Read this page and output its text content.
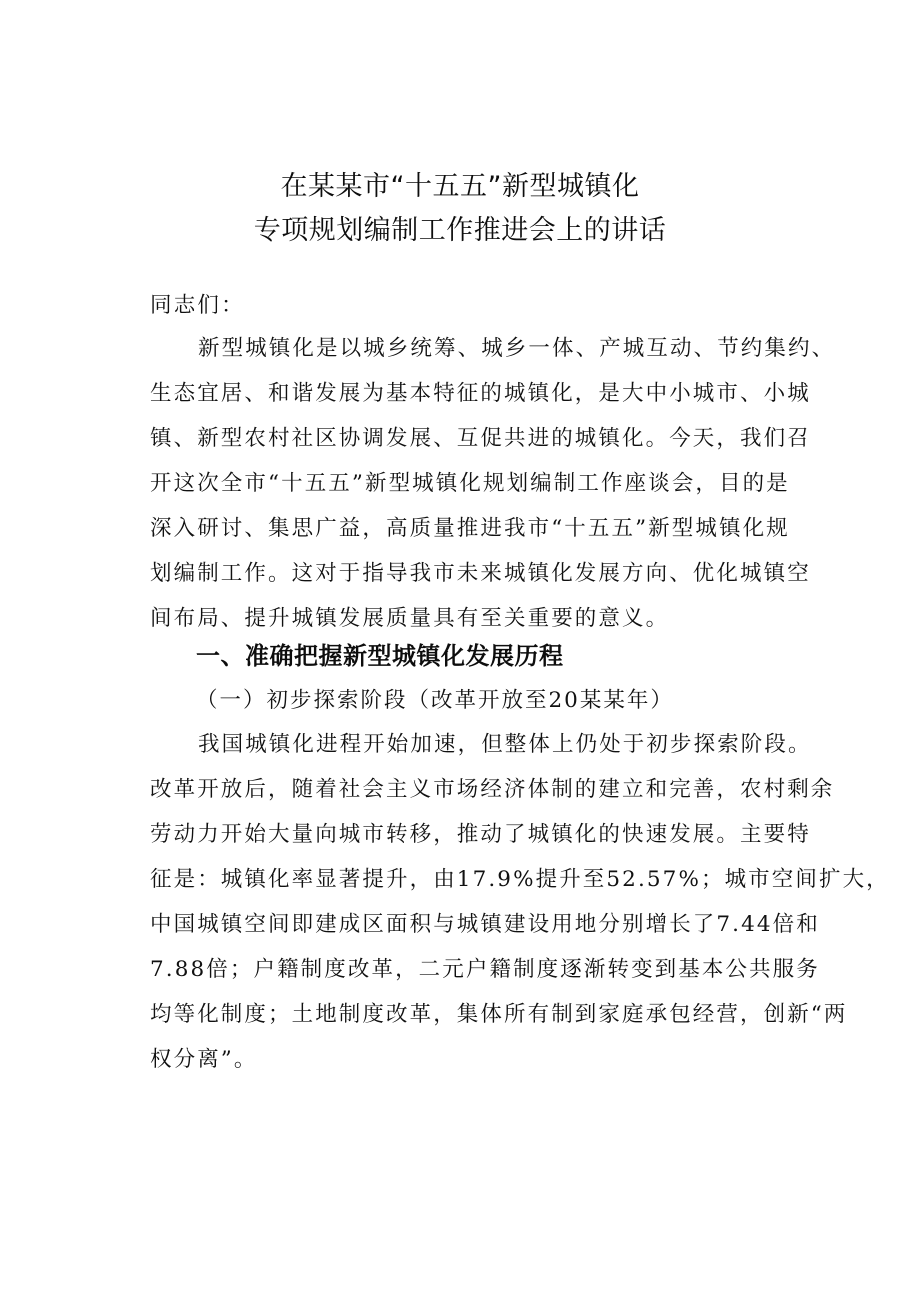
在某某市“十五五”新型城镇化
专项规划编制工作推进会上的讲话
同志们：
新型城镇化是以城乡统筹、城乡一体、产城互动、节约集约、
生态宜居、和谐发展为基本特征的城镇化，是大中小城市、小城
镇、新型农村社区协调发展、互促共进的城镇化。今天，我们召
开这次全市“十五五”新型城镇化规划编制工作座谈会，目的是
深入研讨、集思广益，高质量推进我市“十五五”新型城镇化规
划编制工作。这对于指导我市未来城镇化发展方向、优化城镇空
间布局、提升城镇发展质量具有至关重要的意义。
一、准确把握新型城镇化发展历程
（一）初步探索阶段（改革开放至20某某年）
我国城镇化进程开始加速，但整体上仍处于初步探索阶段。
改革开放后，随着社会主义市场经济体制的建立和完善，农村剩余
劳动力开始大量向城市转移，推动了城镇化的快速发展。主要特
征是：城镇化率显著提升，由17.9%提升至52.57%；城市空间扩大，
中国城镇空间即建成区面积与城镇建设用地分别增长了7.44倍和
7.88倍；户籍制度改革，二元户籍制度逐渐转变到基本公共服务
均等化制度；土地制度改革，集体所有制到家庭承包经营，创新“两
权分离”。
